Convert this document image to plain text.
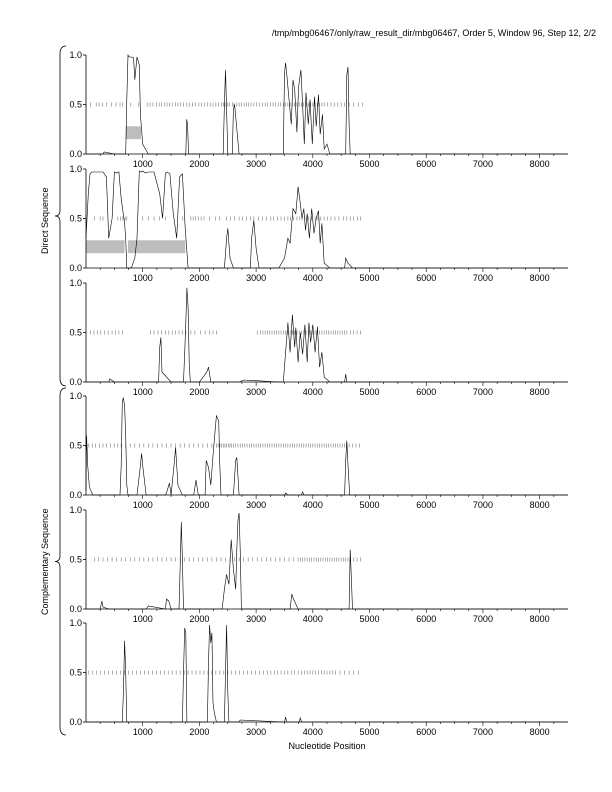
/tmp/mbg06467/only/raw_result_dir/mbg06467, Order 5, Window 96, Step 12, 2/2
Direct Sequence
Complementary Sequence
0.0
0.5
1.0
1000	2000	3000	4000	5000	6000	7000	8000
0.0
0.5
1.0
1000	2000	3000	4000	5000	6000	7000	8000
0.0
0.5
1.0
1000	2000	3000	4000	5000	6000	7000	8000
0.0
0.5
1.0
1000	2000	3000	4000	5000	6000	7000	8000
0.0
0.5
1.0
1000	2000	3000	4000	5000	6000	7000	8000
0.0
0.5
1.0
1000	2000	3000	4000	5000	6000	7000	8000
Nucleotide Position
